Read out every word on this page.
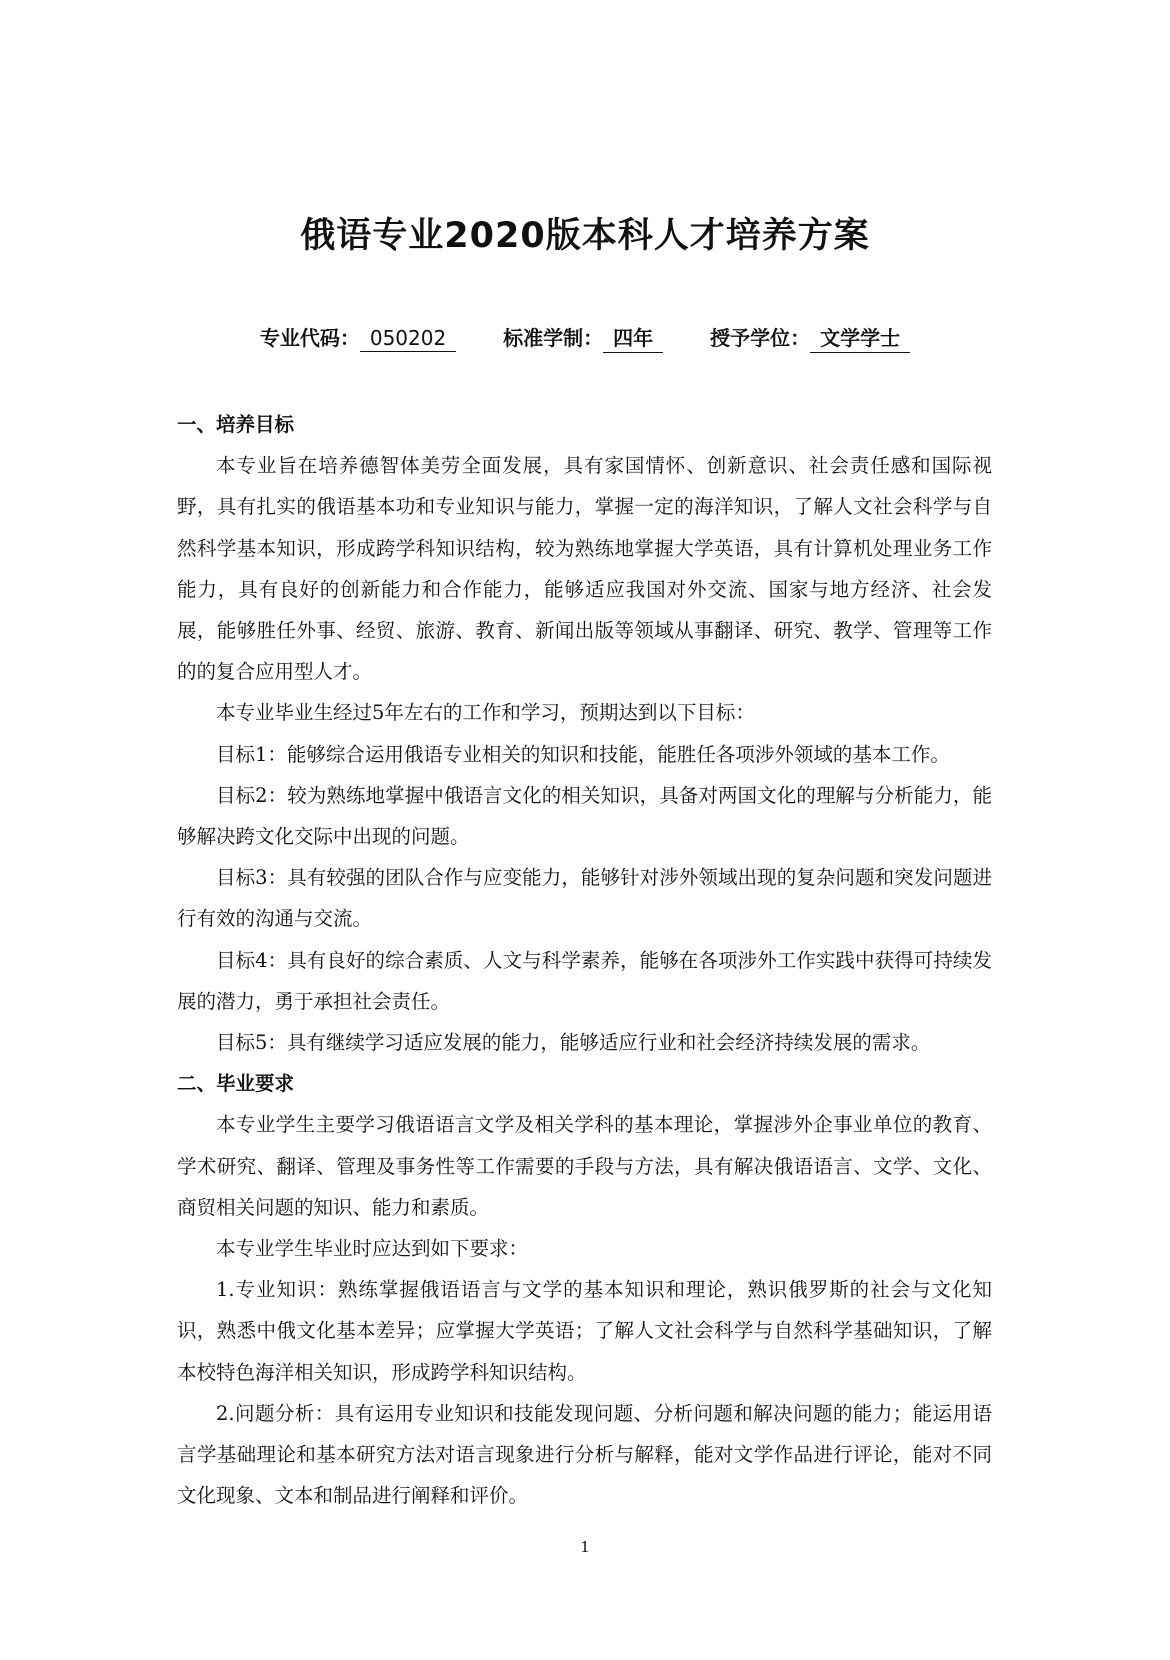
俄语专业2020版本科人才培养方案
专业代码： 050202	标准学制： 四年	授予学位： 文学学士

一、培养目标

本专业旨在培养德智体美劳全面发展，具有家国情怀、创新意识、社会责任感和国际视野，具有扎实的俄语基本功和专业知识与能力，掌握一定的海洋知识，了解人文社会科学与自然科学基本知识，形成跨学科知识结构，较为熟练地掌握大学英语，具有计算机处理业务工作能力，具有良好的创新能力和合作能力，能够适应我国对外交流、国家与地方经济、社会发展，能够胜任外事、经贸、旅游、教育、新闻出版等领域从事翻译、研究、教学、管理等工作的的复合应用型人才。

本专业毕业生经过5年左右的工作和学习，预期达到以下目标：

目标1：能够综合运用俄语专业相关的知识和技能，能胜任各项涉外领域的基本工作。

目标2：较为熟练地掌握中俄语言文化的相关知识，具备对两国文化的理解与分析能力，能够解决跨文化交际中出现的问题。

目标3：具有较强的团队合作与应变能力，能够针对涉外领域出现的复杂问题和突发问题进行有效的沟通与交流。

目标4：具有良好的综合素质、人文与科学素养，能够在各项涉外工作实践中获得可持续发展的潜力，勇于承担社会责任。

目标5：具有继续学习适应发展的能力，能够适应行业和社会经济持续发展的需求。

二、毕业要求

本专业学生主要学习俄语语言文学及相关学科的基本理论，掌握涉外企事业单位的教育、学术研究、翻译、管理及事务性等工作需要的手段与方法，具有解决俄语语言、文学、文化、商贸相关问题的知识、能力和素质。

本专业学生毕业时应达到如下要求：

1.专业知识：熟练掌握俄语语言与文学的基本知识和理论，熟识俄罗斯的社会与文化知识，熟悉中俄文化基本差异；应掌握大学英语；了解人文社会科学与自然科学基础知识，了解本校特色海洋相关知识，形成跨学科知识结构。

2.问题分析：具有运用专业知识和技能发现问题、分析问题和解决问题的能力；能运用语言学基础理论和基本研究方法对语言现象进行分析与解释，能对文学作品进行评论，能对不同文化现象、文本和制品进行阐释和评价。

1
